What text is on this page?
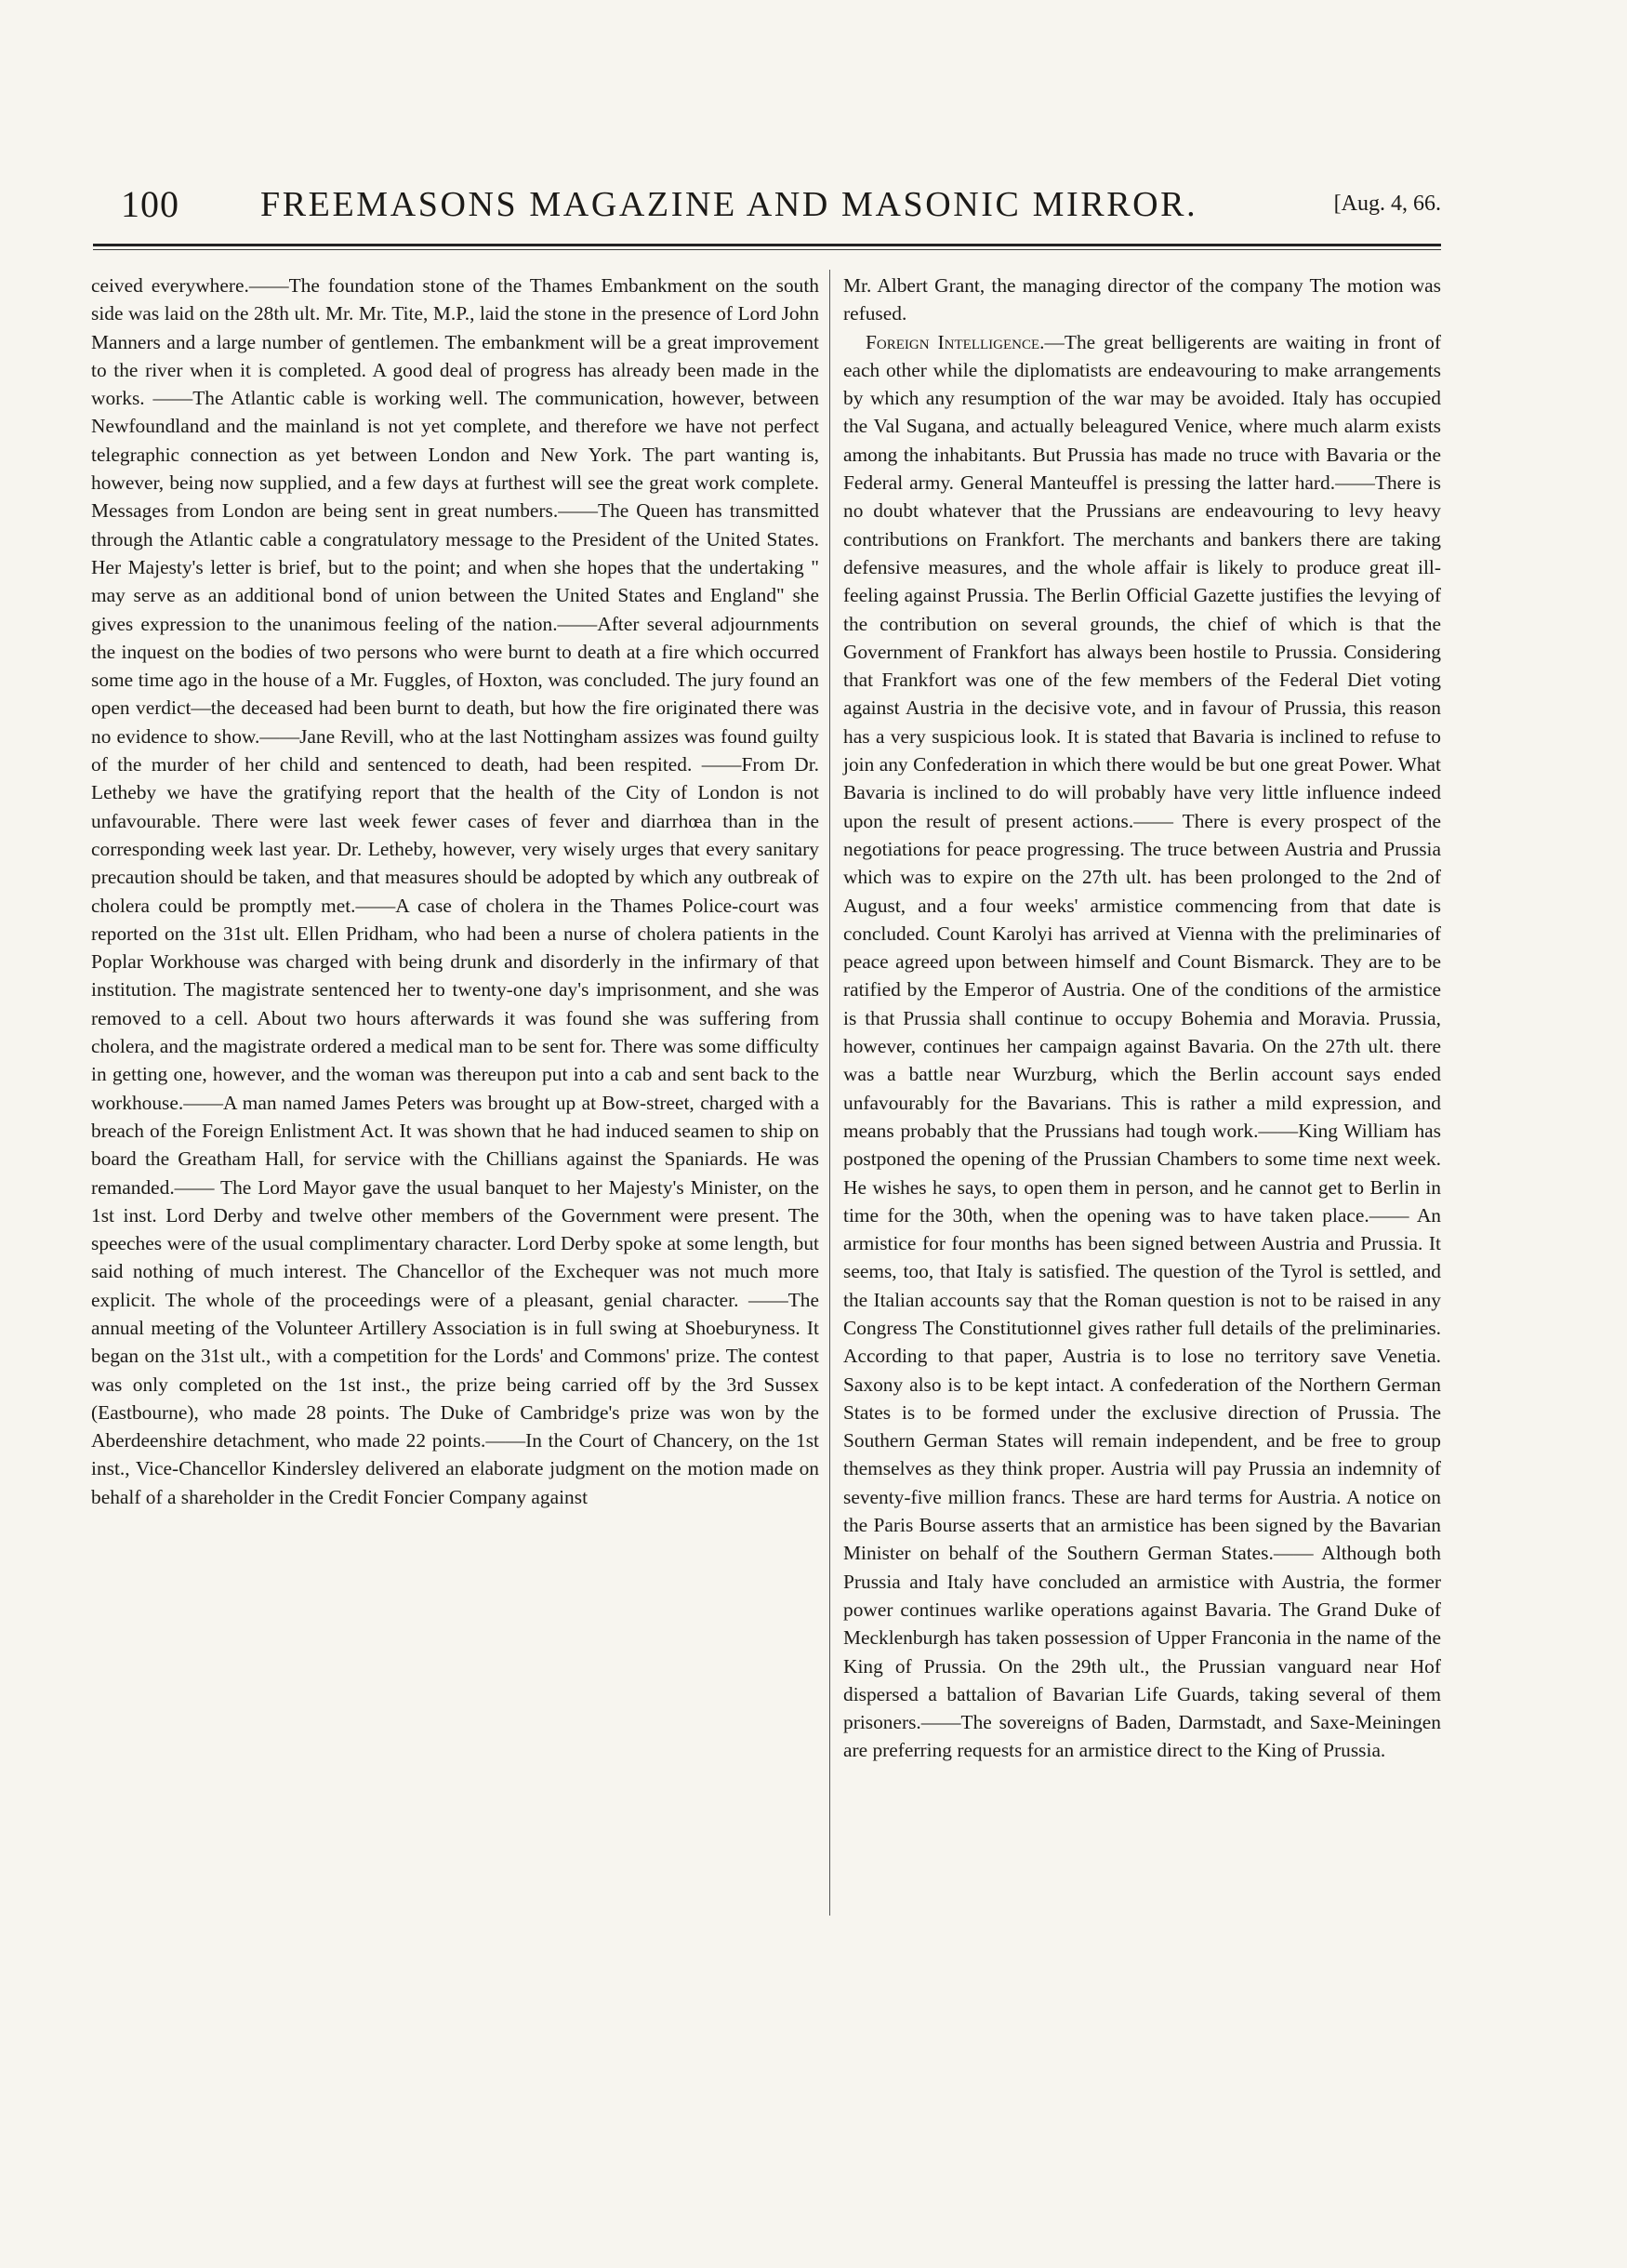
100 FREEMASONS MAGAZINE AND MASONIC MIRROR.	[Aug. 4, 66.

ceived everywhere.——The foundation stone of the Thames Embankment on the south side was laid on the 28th ult. Mr. Mr. Tite, M.P., laid the stone in the presence of Lord John Manners and a large number of gentlemen. The embankment will be a great improvement to the river when it is completed. A good deal of progress has already been made in the works. ——The Atlantic cable is working well. The communication, however, between Newfoundland and the mainland is not yet complete, and therefore we have not perfect telegraphic connection as yet between London and New York. The part wanting is, however, being now supplied, and a few days at furthest will see the great work complete. Messages from London are being sent in great numbers.——The Queen has transmitted through the Atlantic cable a congratulatory message to the President of the United States. Her Majesty's letter is brief, but to the point; and when she hopes that the undertaking " may serve as an additional bond of union between the United States and England" she gives expression to the unanimous feeling of the nation.——After several adjournments the inquest on the bodies of two persons who were burnt to death at a fire which occurred some time ago in the house of a Mr. Fuggles, of Hoxton, was concluded. The jury found an open verdict—the deceased had been burnt to death, but how the fire originated there was no evidence to show.——Jane Revill, who at the last Nottingham assizes was found guilty of the murder of her child and sentenced to death, had been respited. ——From Dr. Letheby we have the gratifying report that the health of the City of London is not unfavourable. There were last week fewer cases of fever and diarrhœa than in the corresponding week last year. Dr. Letheby, however, very wisely urges that every sanitary precaution should be taken, and that measures should be adopted by which any outbreak of cholera could be promptly met.——A case of cholera in the Thames Police-court was reported on the 31st ult. Ellen Pridham, who had been a nurse of cholera patients in the Poplar Workhouse was charged with being drunk and disorderly in the infirmary of that institution. The magistrate sentenced her to twenty-one day's imprisonment, and she was removed to a cell. About two hours afterwards it was found she was suffering from cholera, and the magistrate ordered a medical man to be sent for. There was some difficulty in getting one, however, and the woman was thereupon put into a cab and sent back to the workhouse.——A man named James Peters was brought up at Bow-street, charged with a breach of the Foreign Enlistment Act. It was shown that he had induced seamen to ship on board the Greatham Hall, for service with the Chillians against the Spaniards. He was remanded.—— The Lord Mayor gave the usual banquet to her Majesty's Minister, on the 1st inst. Lord Derby and twelve other members of the Government were present. The speeches were of the usual complimentary character. Lord Derby spoke at some length, but said nothing of much interest. The Chancellor of the Exchequer was not much more explicit. The whole of the proceedings were of a pleasant, genial character. ——The annual meeting of the Volunteer Artillery Association is in full swing at Shoeburyness. It began on the 31st ult., with a competition for the Lords' and Commons' prize. The contest was only completed on the 1st inst., the prize being carried off by the 3rd Sussex (Eastbourne), who made 28 points. The Duke of Cambridge's prize was won by the Aberdeenshire detachment, who made 22 points.——In the Court of Chancery, on the 1st inst., Vice-Chancellor Kindersley delivered an elaborate judgment on the motion made on behalf of a shareholder in the Credit Foncier Company against

Mr. Albert Grant, the managing director of the company The motion was refused.

Foreign Intelligence.—The great belligerents are waiting in front of each other while the diplomatists are endeavouring to make arrangements by which any resumption of the war may be avoided. Italy has occupied the Val Sugana, and actually beleagured Venice, where much alarm exists among the inhabitants. But Prussia has made no truce with Bavaria or the Federal army. General Manteuffel is pressing the latter hard.——There is no doubt whatever that the Prussians are endeavouring to levy heavy contributions on Frankfort. The merchants and bankers there are taking defensive measures, and the whole affair is likely to produce great ill-feeling against Prussia. The Berlin Official Gazette justifies the levying of the contribution on several grounds, the chief of which is that the Government of Frankfort has always been hostile to Prussia. Considering that Frankfort was one of the few members of the Federal Diet voting against Austria in the decisive vote, and in favour of Prussia, this reason has a very suspicious look. It is stated that Bavaria is inclined to refuse to join any Confederation in which there would be but one great Power. What Bavaria is inclined to do will probably have very little influence indeed upon the result of present actions.—— There is every prospect of the negotiations for peace progressing. The truce between Austria and Prussia which was to expire on the 27th ult. has been prolonged to the 2nd of August, and a four weeks' armistice commencing from that date is concluded. Count Karolyi has arrived at Vienna with the preliminaries of peace agreed upon between himself and Count Bismarck. They are to be ratified by the Emperor of Austria. One of the conditions of the armistice is that Prussia shall continue to occupy Bohemia and Moravia. Prussia, however, continues her campaign against Bavaria. On the 27th ult. there was a battle near Wurzburg, which the Berlin account says ended unfavourably for the Bavarians. This is rather a mild expression, and means probably that the Prussians had tough work.——King William has postponed the opening of the Prussian Chambers to some time next week. He wishes he says, to open them in person, and he cannot get to Berlin in time for the 30th, when the opening was to have taken place.—— An armistice for four months has been signed between Austria and Prussia. It seems, too, that Italy is satisfied. The question of the Tyrol is settled, and the Italian accounts say that the Roman question is not to be raised in any Congress The Constitutionnel gives rather full details of the preliminaries. According to that paper, Austria is to lose no territory save Venetia. Saxony also is to be kept intact. A confederation of the Northern German States is to be formed under the exclusive direction of Prussia. The Southern German States will remain independent, and be free to group themselves as they think proper. Austria will pay Prussia an indemnity of seventy-five million francs. These are hard terms for Austria. A notice on the Paris Bourse asserts that an armistice has been signed by the Bavarian Minister on behalf of the Southern German States.—— Although both Prussia and Italy have concluded an armistice with Austria, the former power continues warlike operations against Bavaria. The Grand Duke of Mecklenburgh has taken possession of Upper Franconia in the name of the King of Prussia. On the 29th ult., the Prussian vanguard near Hof dispersed a battalion of Bavarian Life Guards, taking several of them prisoners.——The sovereigns of Baden, Darmstadt, and Saxe-Meiningen are preferring requests for an armistice direct to the King of Prussia.
